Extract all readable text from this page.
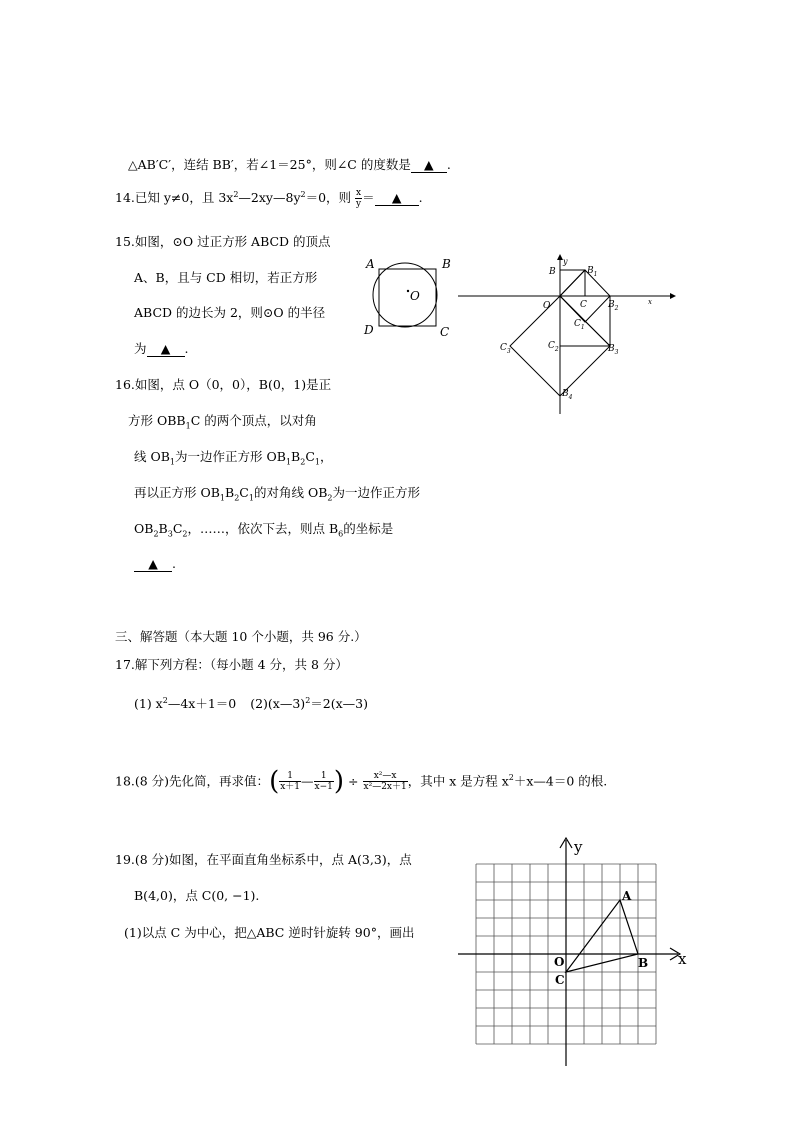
△AB′C′，连结 BB′，若∠1＝25°，则∠C 的度数是 ▲ .
14.已知 y≠0，且 $3x^2—2xy—8y^2=0$，则 $\frac{x}{y}$ ＝ ▲ .
15.如图，⊙O 过正方形 ABCD 的顶点
A、B，且与 CD 相切，若正方形
ABCD 的边长为 2，则⊙O 的半径
为 ▲ .
A	B
C
D
O
y
x
O
B	$B_1$
C $B_2$
$C_1$
$C_2$	$B_3$
$C_3$
$B_4$
16.如图，点 O（0，0），B(0，1)是正
方形 $OBB_1C$ 的两个顶点，以对角
线 $OB_1$为一边作正方形 $OB_1B_2C_1$，
再以正方形 $OB_1B_2C_1$的对角线 $OB_2$为一边作正方形
$OB_2B_3C_2$，……，依次下去，则点 $B_6$的坐标是
▲ .
三、解答题（本大题 10 个小题，共 96 分.）
17.解下列方程：（每小题 4 分，共 8 分）
(1) $x^2—4x+1=0$ (2)(x—3)$^2$＝2(x—3)
18.(8 分)先化简，再求值：( $\frac{1}{x+1}$ — $\frac{1}{x-1}$ ) ÷ $\frac{\text{x²—x}}{\text{x²—2x＋1}}$ ，其中 x 是方程 $x^2+x—4=0$ 的根.
19.(8 分)如图，在平面直角坐标系中，点 A(3,3)，点
B(4,0)，点 C(0, −1).
(1)以点 C 为中心，把△ABC 逆时针旋转 90°，画出
y
x
A
B
O
C
